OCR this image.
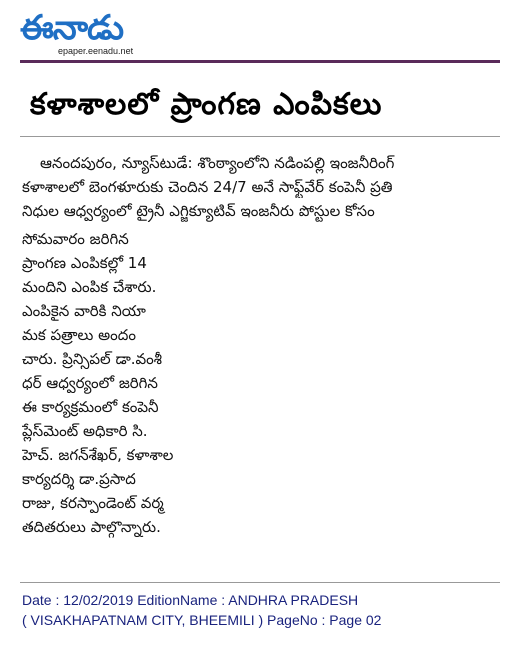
ఈనాడు
epaper.eenadu.net
కళాశాలలో ప్రాంగణ ఎంపికలు
ఆనందపురం, న్యూస్‌టుడే: శొంఠ్యాంలోని నడింపల్లి ఇంజనీరింగ్
కళాశాలలో బెంగళూరుకు చెందిన 24/7 అనే సాఫ్ట్‌వేర్ కంపెనీ ప్రతి
నిధుల ఆధ్వర్యంలో ట్రైనీ ఎగ్జిక్యూటివ్ ఇంజనీరు పోస్టుల కోసం
సోమవారం జరిగిన
ప్రాంగణ ఎంపికల్లో 14
మందిని ఎంపిక చేశారు.
ఎంపికైన వారికి నియా
మక పత్రాలు అందం
చారు. ప్రిన్సిపల్ డా.వంశీ
ధర్ ఆధ్వర్యంలో జరిగిన
ఈ కార్యక్రమంలో కంపెనీ
ప్లేస్‌మెంట్ అధికారి సి.
హెచ్. జగన్‌శేఖర్, కళాశాల
కార్యదర్శి డా.ప్రసాద
రాజు, కరస్పాండెంట్ వర్మ
తదితరులు పాల్గొన్నారు.
Date : 12/02/2019 EditionName : ANDHRA PRADESH
( VISAKHAPATNAM CITY, BHEEMILI ) PageNo : Page 02
